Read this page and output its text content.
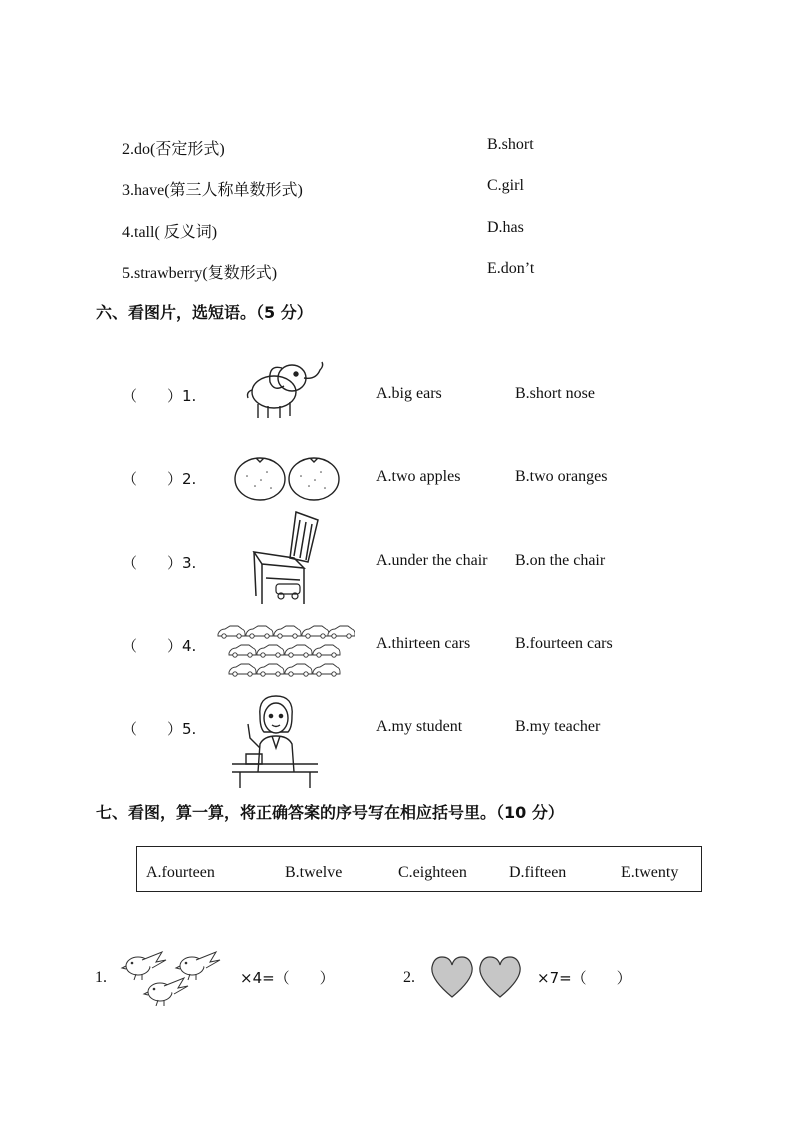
2.do(否定形式)	B.short
3.have(第三人称单数形式)	C.girl
4.tall( 反义词)	D.has
5.strawberry(复数形式)	E.don’t
六、看图片，选短语。（5 分）
（　　）1.	A.big ears	B.short nose
（　　）2.	A.two apples	B.two oranges
（　　）3.	A.under the chair B.on the chair
（　　）4.	A.thirteen cars	B.fourteen cars
（　　）5.	A.my student	B.my teacher
七、看图，算一算，将正确答案的序号写在相应括号里。（10 分）
A.fourteen	B.twelve	C.eighteen	D.fifteen	E.twenty
1.	×4=（　　）	2.	×7=（　　）
